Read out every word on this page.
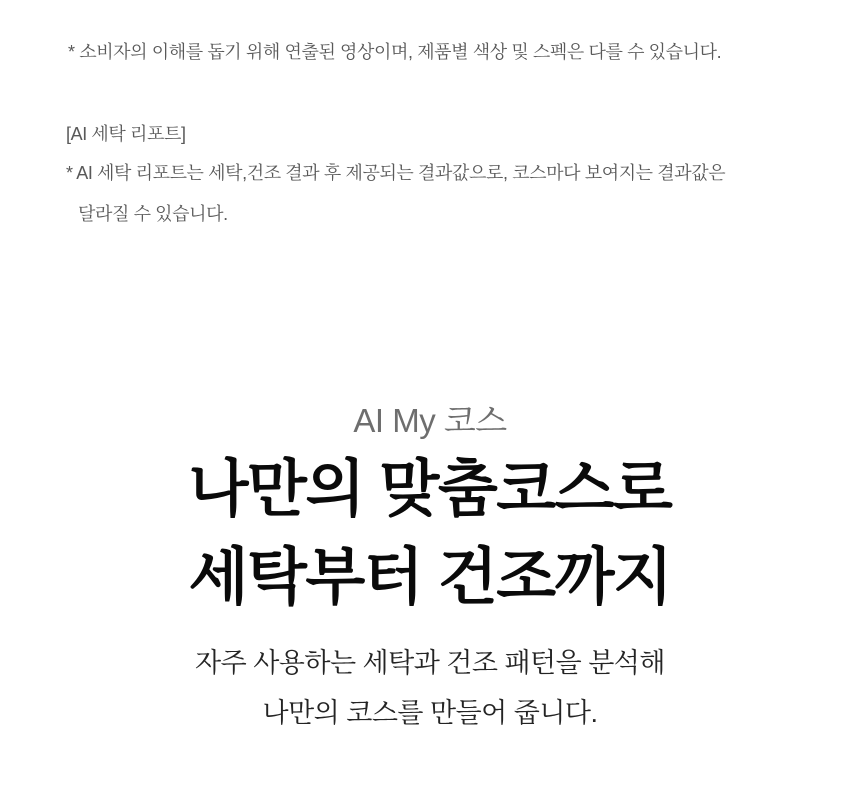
* 소비자의 이해를 돕기 위해 연출된 영상이며, 제품별 색상 및 스펙은 다를 수 있습니다.
[AI 세탁 리포트]
* AI 세탁 리포트는 세탁,건조 결과 후 제공되는 결과값으로, 코스마다 보여지는 결과값은
달라질 수 있습니다.
AI My 코스
나만의 맞춤코스로
세탁부터 건조까지
자주 사용하는 세탁과 건조 패턴을 분석해
나만의 코스를 만들어 줍니다.
